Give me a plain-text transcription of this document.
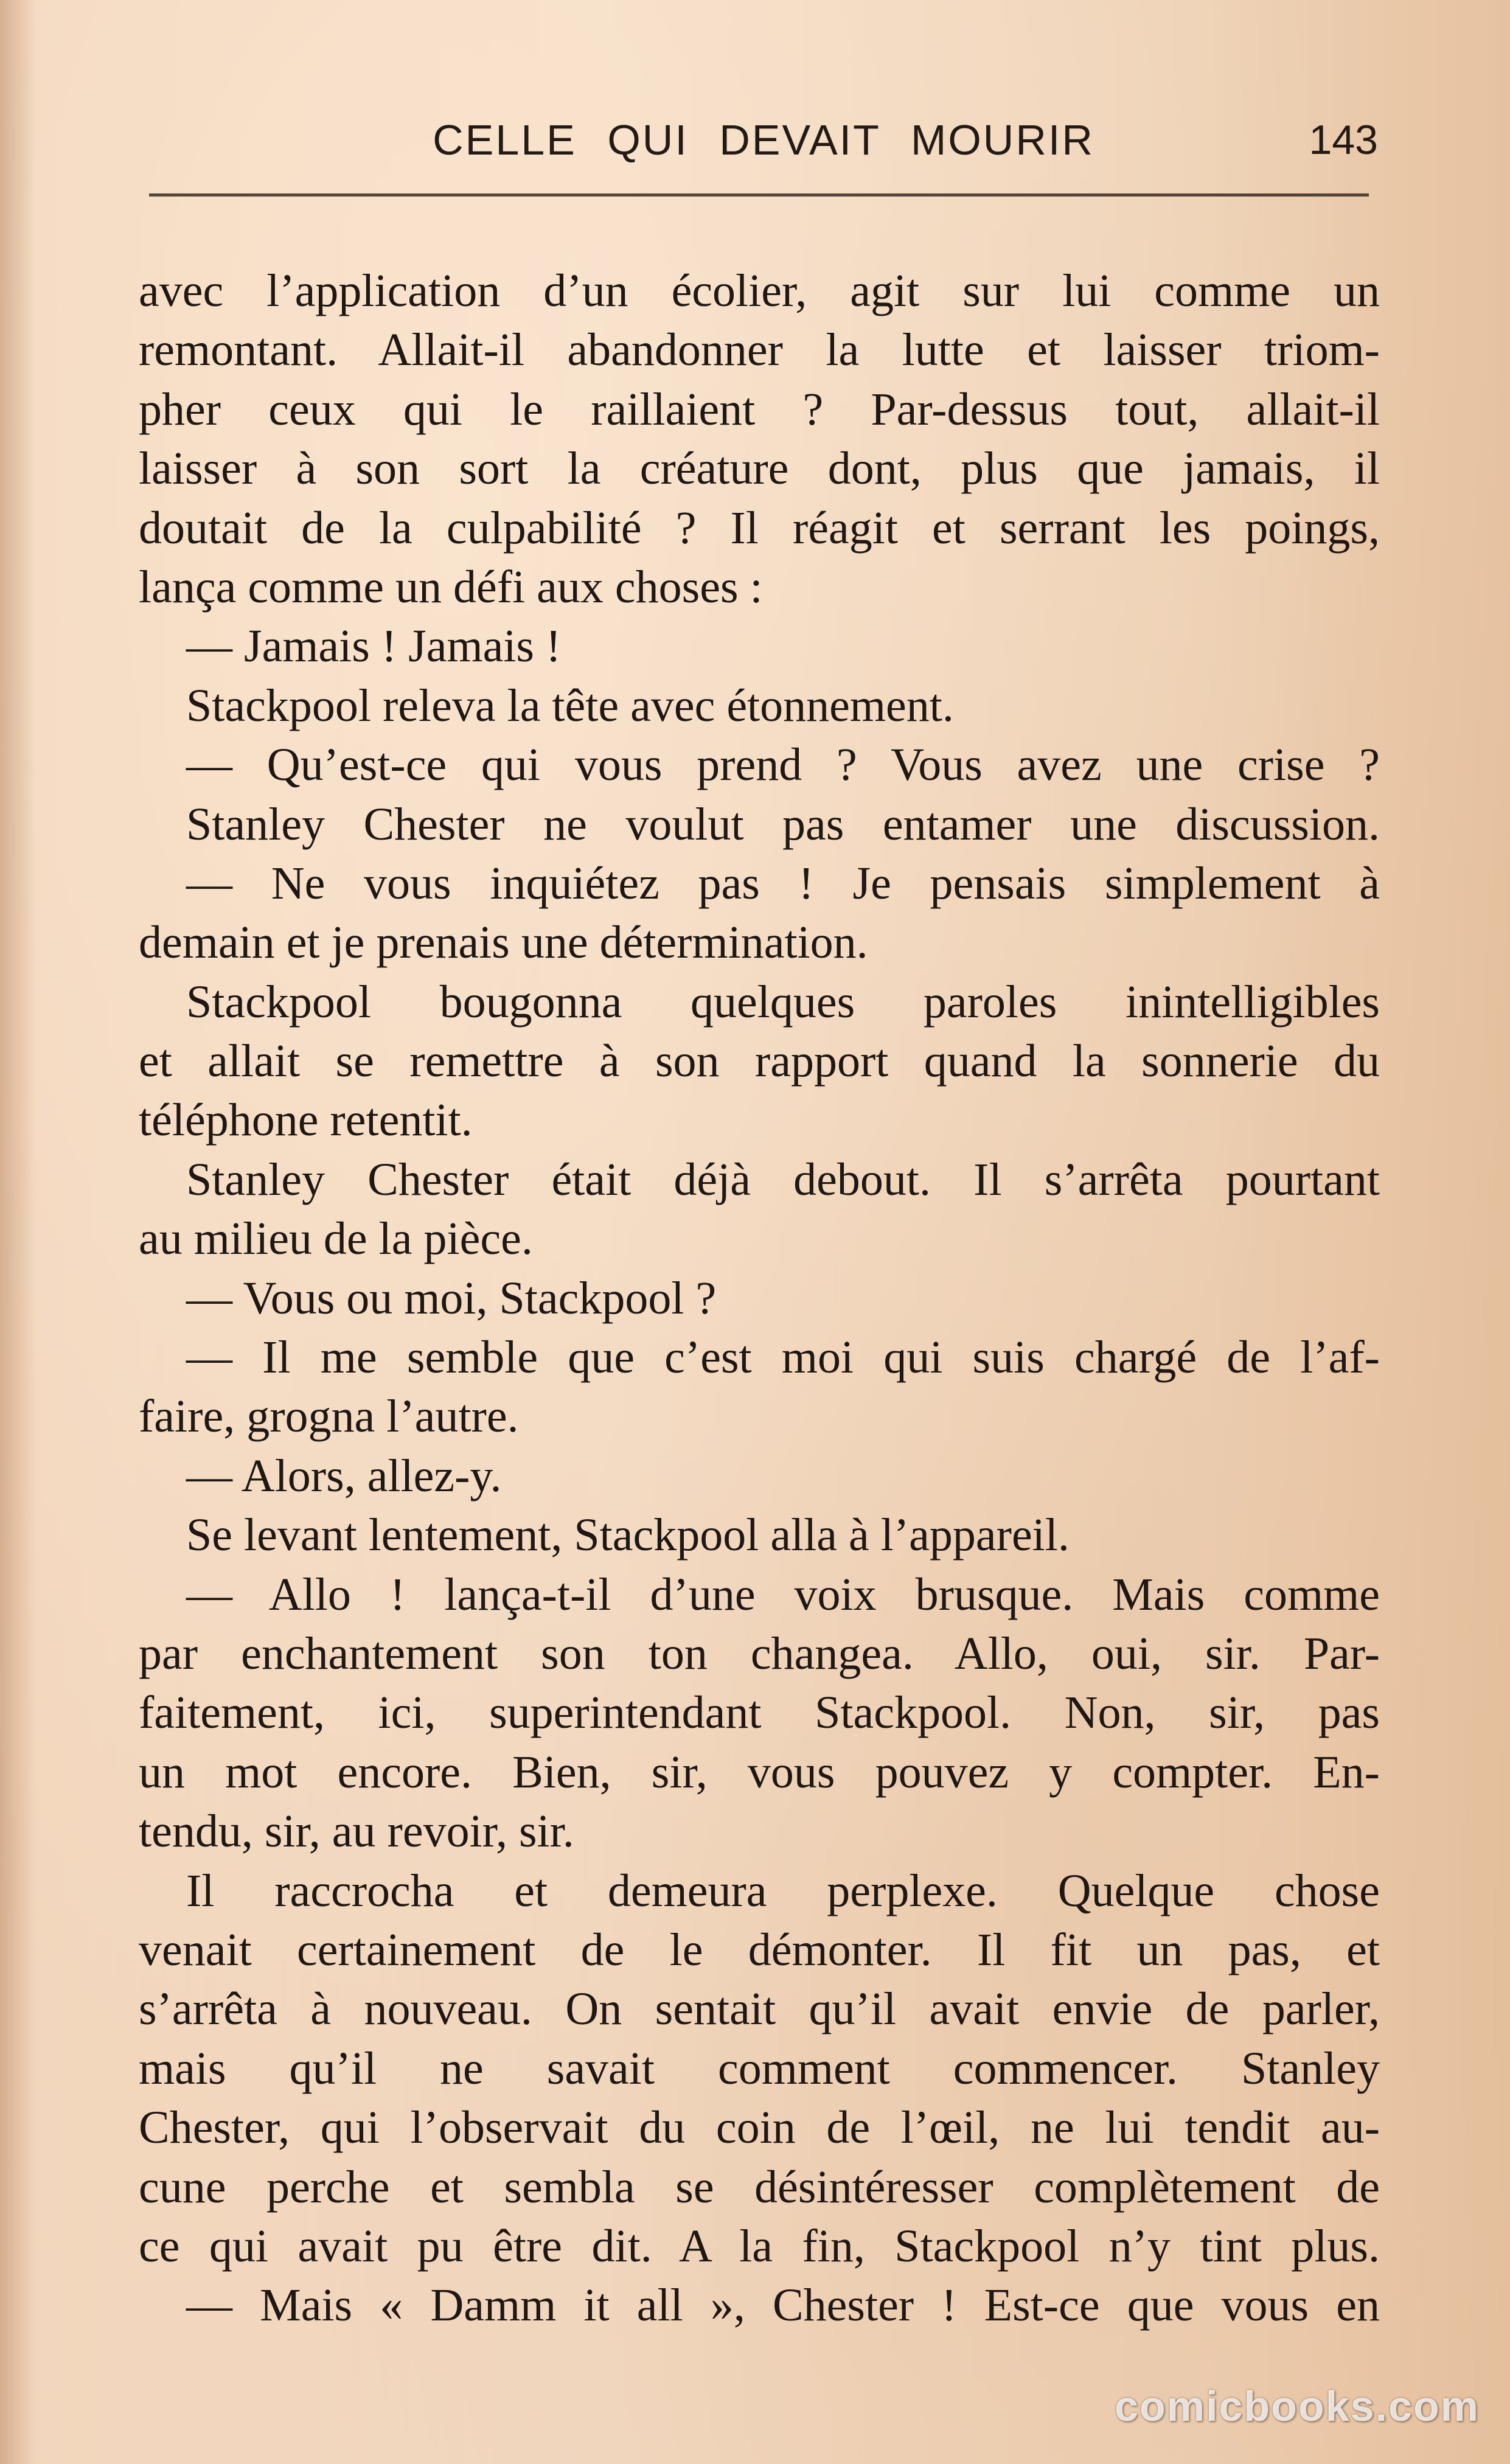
CELLE QUI DEVAIT MOURIR	143
avec l’application d’un écolier, agit sur lui comme un
remontant. Allait-il abandonner la lutte et laisser triom-
pher ceux qui le raillaient ? Par-dessus tout, allait-il
laisser à son sort la créature dont, plus que jamais, il
doutait de la culpabilité ? Il réagit et serrant les poings,
lança comme un défi aux choses :
— Jamais ! Jamais !
Stackpool releva la tête avec étonnement.
— Qu’est-ce qui vous prend ? Vous avez une crise ?
Stanley Chester ne voulut pas entamer une discussion.
— Ne vous inquiétez pas ! Je pensais simplement à
demain et je prenais une détermination.
Stackpool bougonna quelques paroles inintelligibles
et allait se remettre à son rapport quand la sonnerie du
téléphone retentit.
Stanley Chester était déjà debout. Il s’arrêta pourtant
au milieu de la pièce.
— Vous ou moi, Stackpool ?
— Il me semble que c’est moi qui suis chargé de l’af-
faire, grogna l’autre.
— Alors, allez-y.
Se levant lentement, Stackpool alla à l’appareil.
— Allo ! lança-t-il d’une voix brusque. Mais comme
par enchantement son ton changea. Allo, oui, sir. Par-
faitement, ici, superintendant Stackpool. Non, sir, pas
un mot encore. Bien, sir, vous pouvez y compter. En-
tendu, sir, au revoir, sir.
Il raccrocha et demeura perplexe. Quelque chose
venait certainement de le démonter. Il fit un pas, et
s’arrêta à nouveau. On sentait qu’il avait envie de parler,
mais qu’il ne savait comment commencer. Stanley
Chester, qui l’observait du coin de l’œil, ne lui tendit au-
cune perche et sembla se désintéresser complètement de
ce qui avait pu être dit. A la fin, Stackpool n’y tint plus.
— Mais « Damm it all », Chester ! Est-ce que vous en
comicbooks.com
